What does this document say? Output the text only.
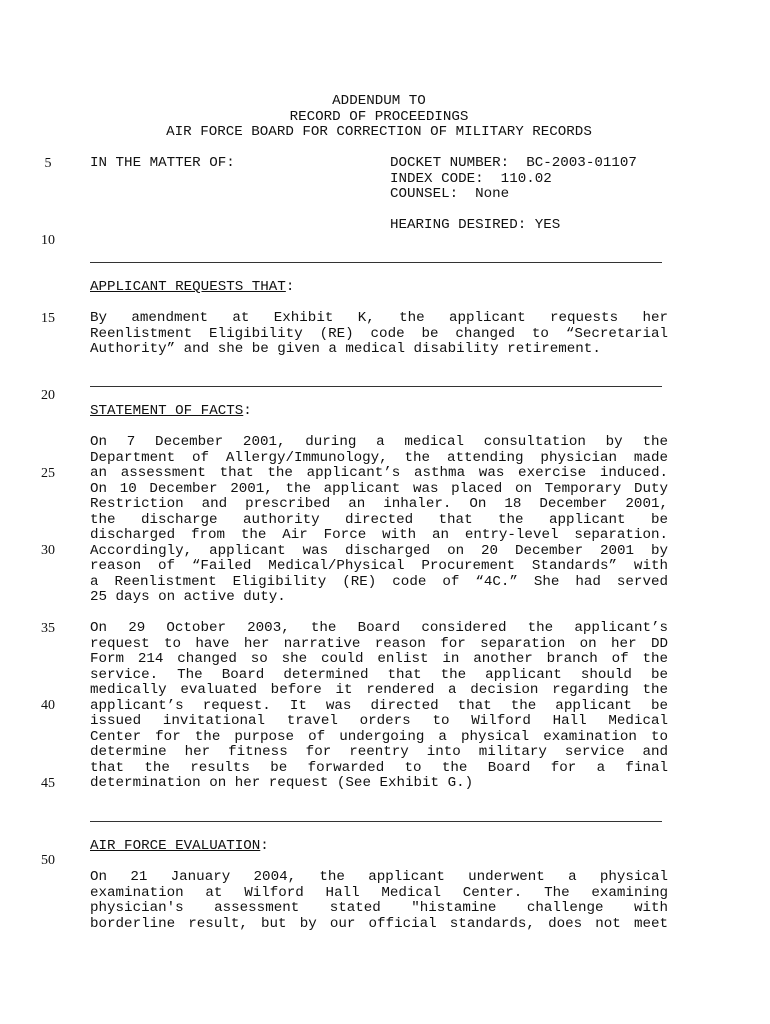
ADDENDUM TO
RECORD OF PROCEEDINGS
AIR FORCE BOARD FOR CORRECTION OF MILITARY RECORDS
5
10
15
20
25
30
35
40
45
50
IN THE MATTER OF:	DOCKET NUMBER:  BC-2003-01107
INDEX CODE:  110.02
COUNSEL:  None
HEARING DESIRED: YES
APPLICANT REQUESTS THAT:
By amendment at Exhibit K, the applicant requests her
Reenlistment Eligibility (RE) code be changed to “Secretarial
Authority” and she be given a medical disability retirement.
STATEMENT OF FACTS:
On 7 December 2001, during a medical consultation by the
Department of Allergy/Immunology, the attending physician made
an assessment that the applicant’s asthma was exercise induced.
On 10 December 2001, the applicant was placed on Temporary Duty
Restriction and prescribed an inhaler. On 18 December 2001,
the discharge authority directed that the applicant be
discharged from the Air Force with an entry-level separation.
Accordingly, applicant was discharged on 20 December 2001 by
reason of “Failed Medical/Physical Procurement Standards” with
a Reenlistment Eligibility (RE) code of “4C.” She had served
25 days on active duty.
On 29 October 2003, the Board considered the applicant’s
request to have her narrative reason for separation on her DD
Form 214 changed so she could enlist in another branch of the
service. The Board determined that the applicant should be
medically evaluated before it rendered a decision regarding the
applicant’s request. It was directed that the applicant be
issued invitational travel orders to Wilford Hall Medical
Center for the purpose of undergoing a physical examination to
determine her fitness for reentry into military service and
that the results be forwarded to the Board for a final
determination on her request (See Exhibit G.)
AIR FORCE EVALUATION:
On 21 January 2004, the applicant underwent a physical
examination at Wilford Hall Medical Center. The examining
physician's assessment stated "histamine challenge with
borderline result, but by our official standards, does not meet
